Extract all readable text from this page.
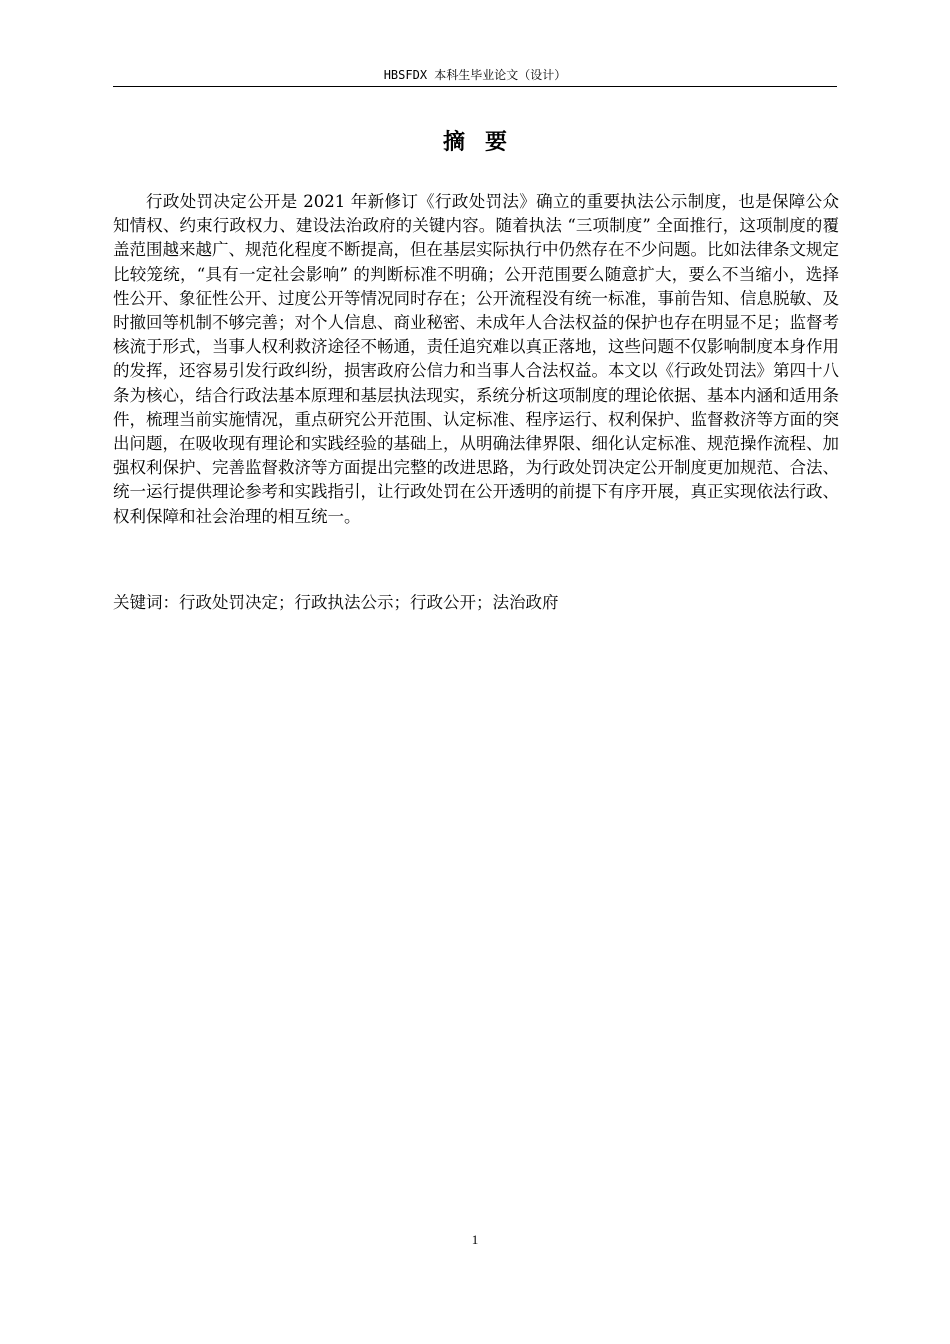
HBSFDX 本科生毕业论文（设计）
摘要

行政处罚决定公开是 2021 年新修订《行政处罚法》确立的重要执法公示制度，也是保障公众知情权、约束行政权力、建设法治政府的关键内容。随着执法 “三项制度” 全面推行，这项制度的覆盖范围越来越广、规范化程度不断提高，但在基层实际执行中仍然存在不少问题。比如法律条文规定比较笼统，“具有一定社会影响” 的判断标准不明确；公开范围要么随意扩大，要么不当缩小，选择性公开、象征性公开、过度公开等情况同时存在；公开流程没有统一标准，事前告知、信息脱敏、及时撤回等机制不够完善；对个人信息、商业秘密、未成年人合法权益的保护也存在明显不足；监督考核流于形式，当事人权利救济途径不畅通，责任追究难以真正落地，这些问题不仅影响制度本身作用的发挥，还容易引发行政纠纷，损害政府公信力和当事人合法权益。本文以《行政处罚法》第四十八条为核心，结合行政法基本原理和基层执法现实，系统分析这项制度的理论依据、基本内涵和适用条件，梳理当前实施情况，重点研究公开范围、认定标准、程序运行、权利保护、监督救济等方面的突出问题，在吸收现有理论和实践经验的基础上，从明确法律界限、细化认定标准、规范操作流程、加强权利保护、完善监督救济等方面提出完整的改进思路，为行政处罚决定公开制度更加规范、合法、统一运行提供理论参考和实践指引，让行政处罚在公开透明的前提下有序开展，真正实现依法行政、权利保障和社会治理的相互统一。

关键词：行政处罚决定；行政执法公示；行政公开；法治政府

1
